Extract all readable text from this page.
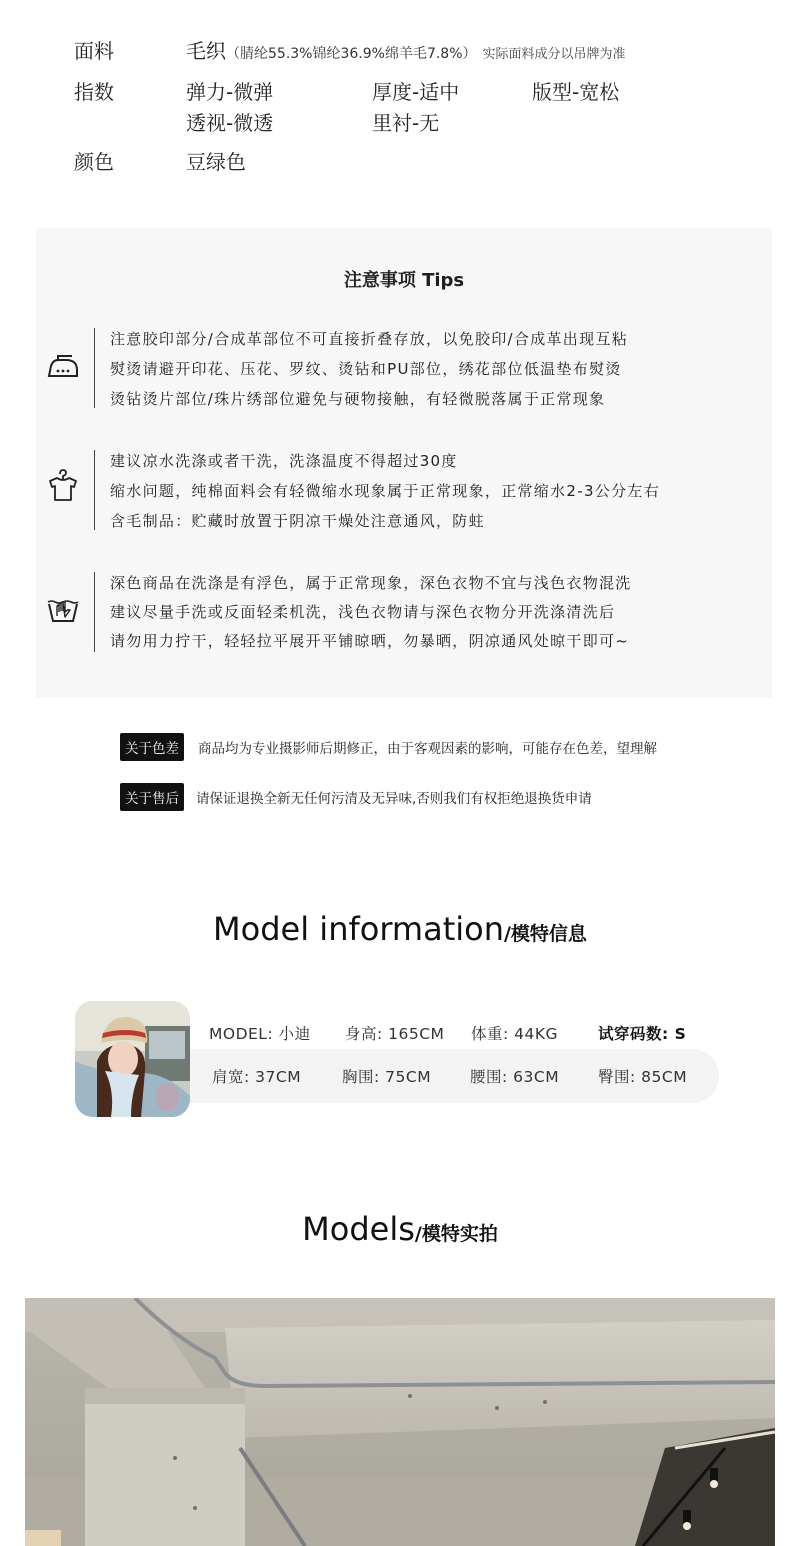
面料	毛织（腈纶55.3%锦纶36.9%绵羊毛7.8%） 实际面料成分以吊牌为准
指数	弹力-微弹	厚度-适中	版型-宽松
透视-微透	里衬-无
颜色	豆绿色
注意事项 Tips
注意胶印部分/合成革部位不可直接折叠存放，以免胶印/合成革出现互粘
熨烫请避开印花、压花、罗纹、烫钻和PU部位，绣花部位低温垫布熨烫
烫钻烫片部位/珠片绣部位避免与硬物接触，有轻微脱落属于正常现象
建议凉水洗涤或者干洗，洗涤温度不得超过30度
缩水问题，纯棉面料会有轻微缩水现象属于正常现象，正常缩水2-3公分左右
含毛制品：贮藏时放置于阴凉干燥处注意通风，防蛀
深色商品在洗涤是有浮色，属于正常现象，深色衣物不宜与浅色衣物混洗
建议尽量手洗或反面轻柔机洗，浅色衣物请与深色衣物分开洗涤清洗后
请勿用力拧干，轻轻拉平展开平铺晾晒，勿暴晒，阴凉通风处晾干即可~
关于色差	商品均为专业摄影师后期修正，由于客观因素的影响，可能存在色差，望理解
关于售后	请保证退换全新无任何污清及无异味,否则我们有权拒绝退换货申请
Model information/模特信息
MODEL: 小迪 身高: 165CM 体重: 44KG	试穿码数: S
肩宽: 37CM	胸围: 75CM	腰围: 63CM	臀围: 85CM
Models/模特实拍
